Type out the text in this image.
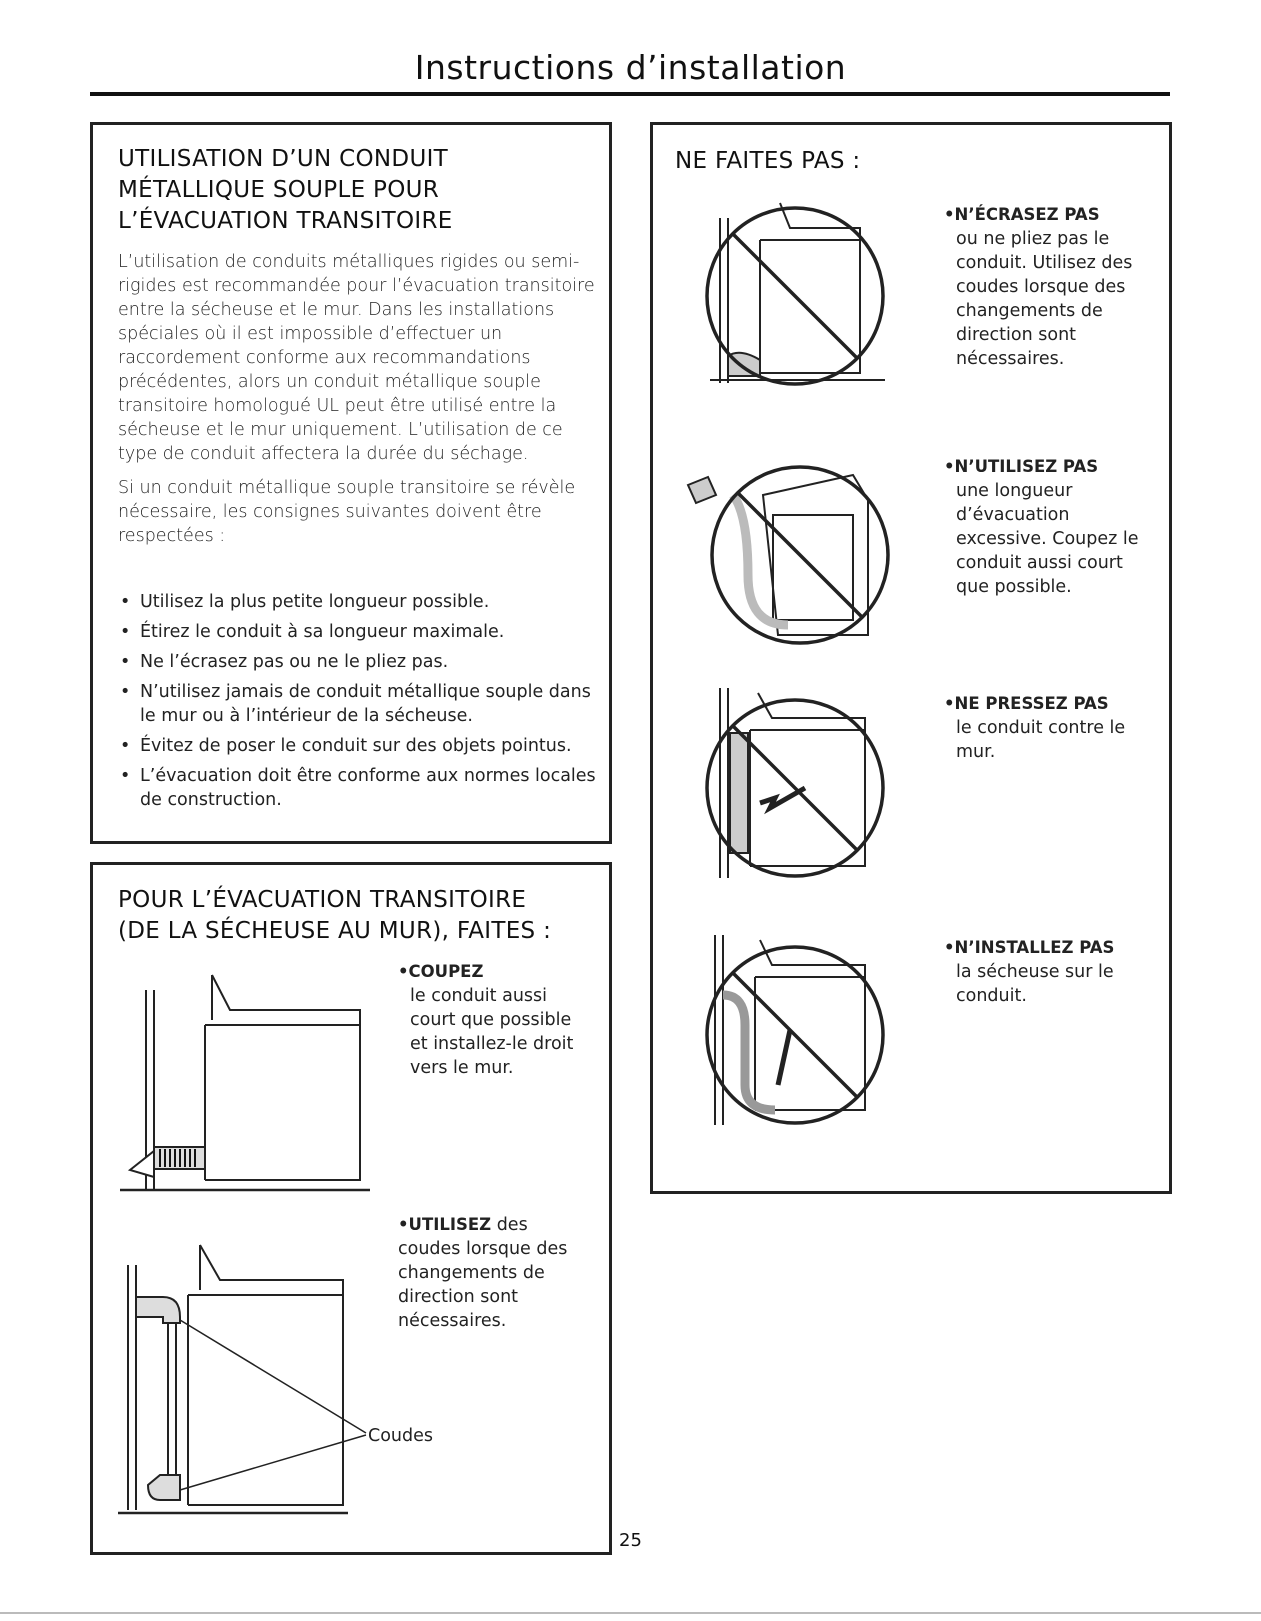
Instructions d’installation
UTILISATION D’UN CONDUIT
MÉTALLIQUE SOUPLE POUR
L’ÉVACUATION TRANSITOIRE

L’utilisation de conduits métalliques rigides ou semi-rigides est recommandée pour l’évacuation transitoire entre la sécheuse et le mur. Dans les installations spéciales où il est impossible d’effectuer un raccordement conforme aux recommandations précédentes, alors un conduit métallique souple transitoire homologué UL peut être utilisé entre la sécheuse et le mur uniquement. L’utilisation de ce type de conduit affectera la durée du séchage.

Si un conduit métallique souple transitoire se révèle nécessaire, les consignes suivantes doivent être respectées :

• Utilisez la plus petite longueur possible.
• Étirez le conduit à sa longueur maximale.
• Ne l’écrasez pas ou ne le pliez pas.
• N’utilisez jamais de conduit métallique souple dans le mur ou à l’intérieur de la sécheuse.
• Évitez de poser le conduit sur des objets pointus.
• L’évacuation doit être conforme aux normes locales de construction.
POUR L’ÉVACUATION TRANSITOIRE
(DE LA SÉCHEUSE AU MUR), FAITES :
•COUPEZ
le conduit aussi court que possible et installez-le droit vers le mur.
•UTILISEZ des coudes lorsque des changements de direction sont nécessaires.
Coudes
25
NE FAITES PAS :
•N’ÉCRASEZ PAS
ou ne pliez pas le conduit. Utilisez des coudes lorsque des changements de direction sont nécessaires.
•N’UTILISEZ PAS
une longueur d’évacuation excessive. Coupez le conduit aussi court que possible.
•NE PRESSEZ PAS
le conduit contre le mur.
•N’INSTALLEZ PAS
la sécheuse sur le conduit.
